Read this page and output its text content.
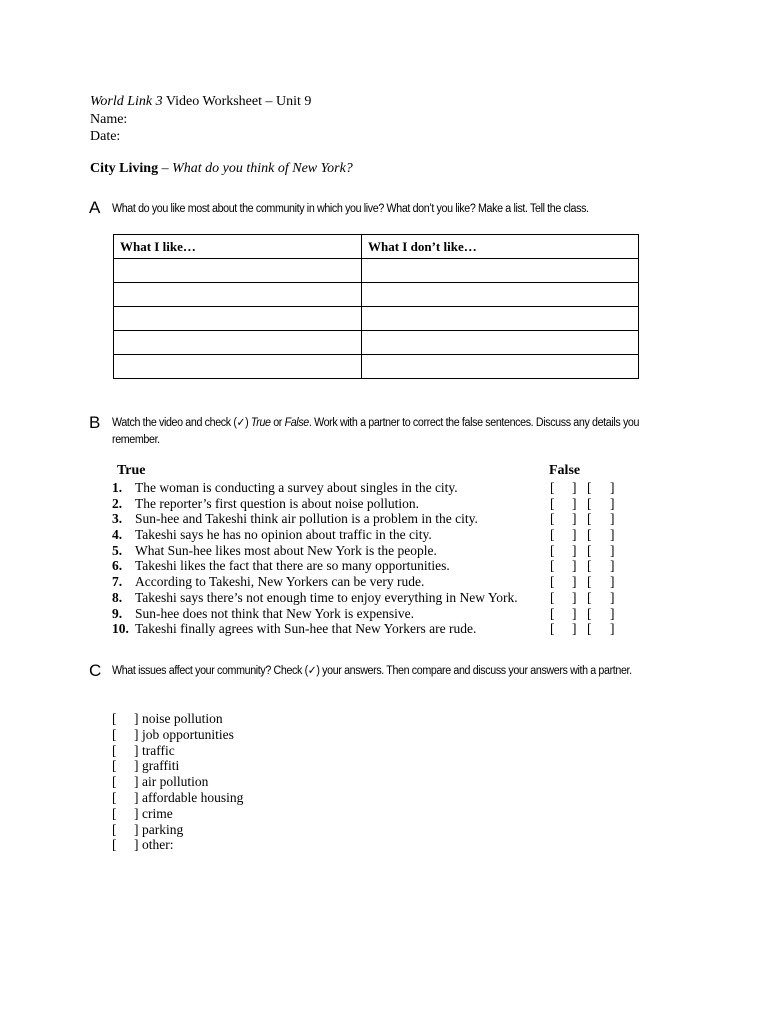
World Link 3 Video Worksheet – Unit 9
Name:
Date:
City Living – What do you think of New York?
A What do you like most about the community in which you live? What don’t you like? Make a list. Tell the class.
What I like…	What I don’t like…

B Watch the video and check (✓) True or False. Work with a partner to correct the false sentences. Discuss any details you remember.
True	False
1. The woman is conducting a survey about singles in the city.	[ ] [ ]
2. The reporter’s first question is about noise pollution.	[ ] [ ]
3. Sun-hee and Takeshi think air pollution is a problem in the city.	[ ] [ ]
4. Takeshi says he has no opinion about traffic in the city.	[ ] [ ]
5. What Sun-hee likes most about New York is the people.	[ ] [ ]
6. Takeshi likes the fact that there are so many opportunities.	[ ] [ ]
7. According to Takeshi, New Yorkers can be very rude.	[ ] [ ]
8. Takeshi says there’s not enough time to enjoy everything in New York. [ ] [ ]
9. Sun-hee does not think that New York is expensive.	[ ] [ ]
10. Takeshi finally agrees with Sun-hee that New Yorkers are rude.	[ ] [ ]
C What issues affect your community? Check (✓) your answers. Then compare and discuss your answers with a partner.
[ ] noise pollution
[ ] job opportunities
[ ] traffic
[ ] graffiti
[ ] air pollution
[ ] affordable housing
[ ] crime
[ ] parking
[ ] other:
